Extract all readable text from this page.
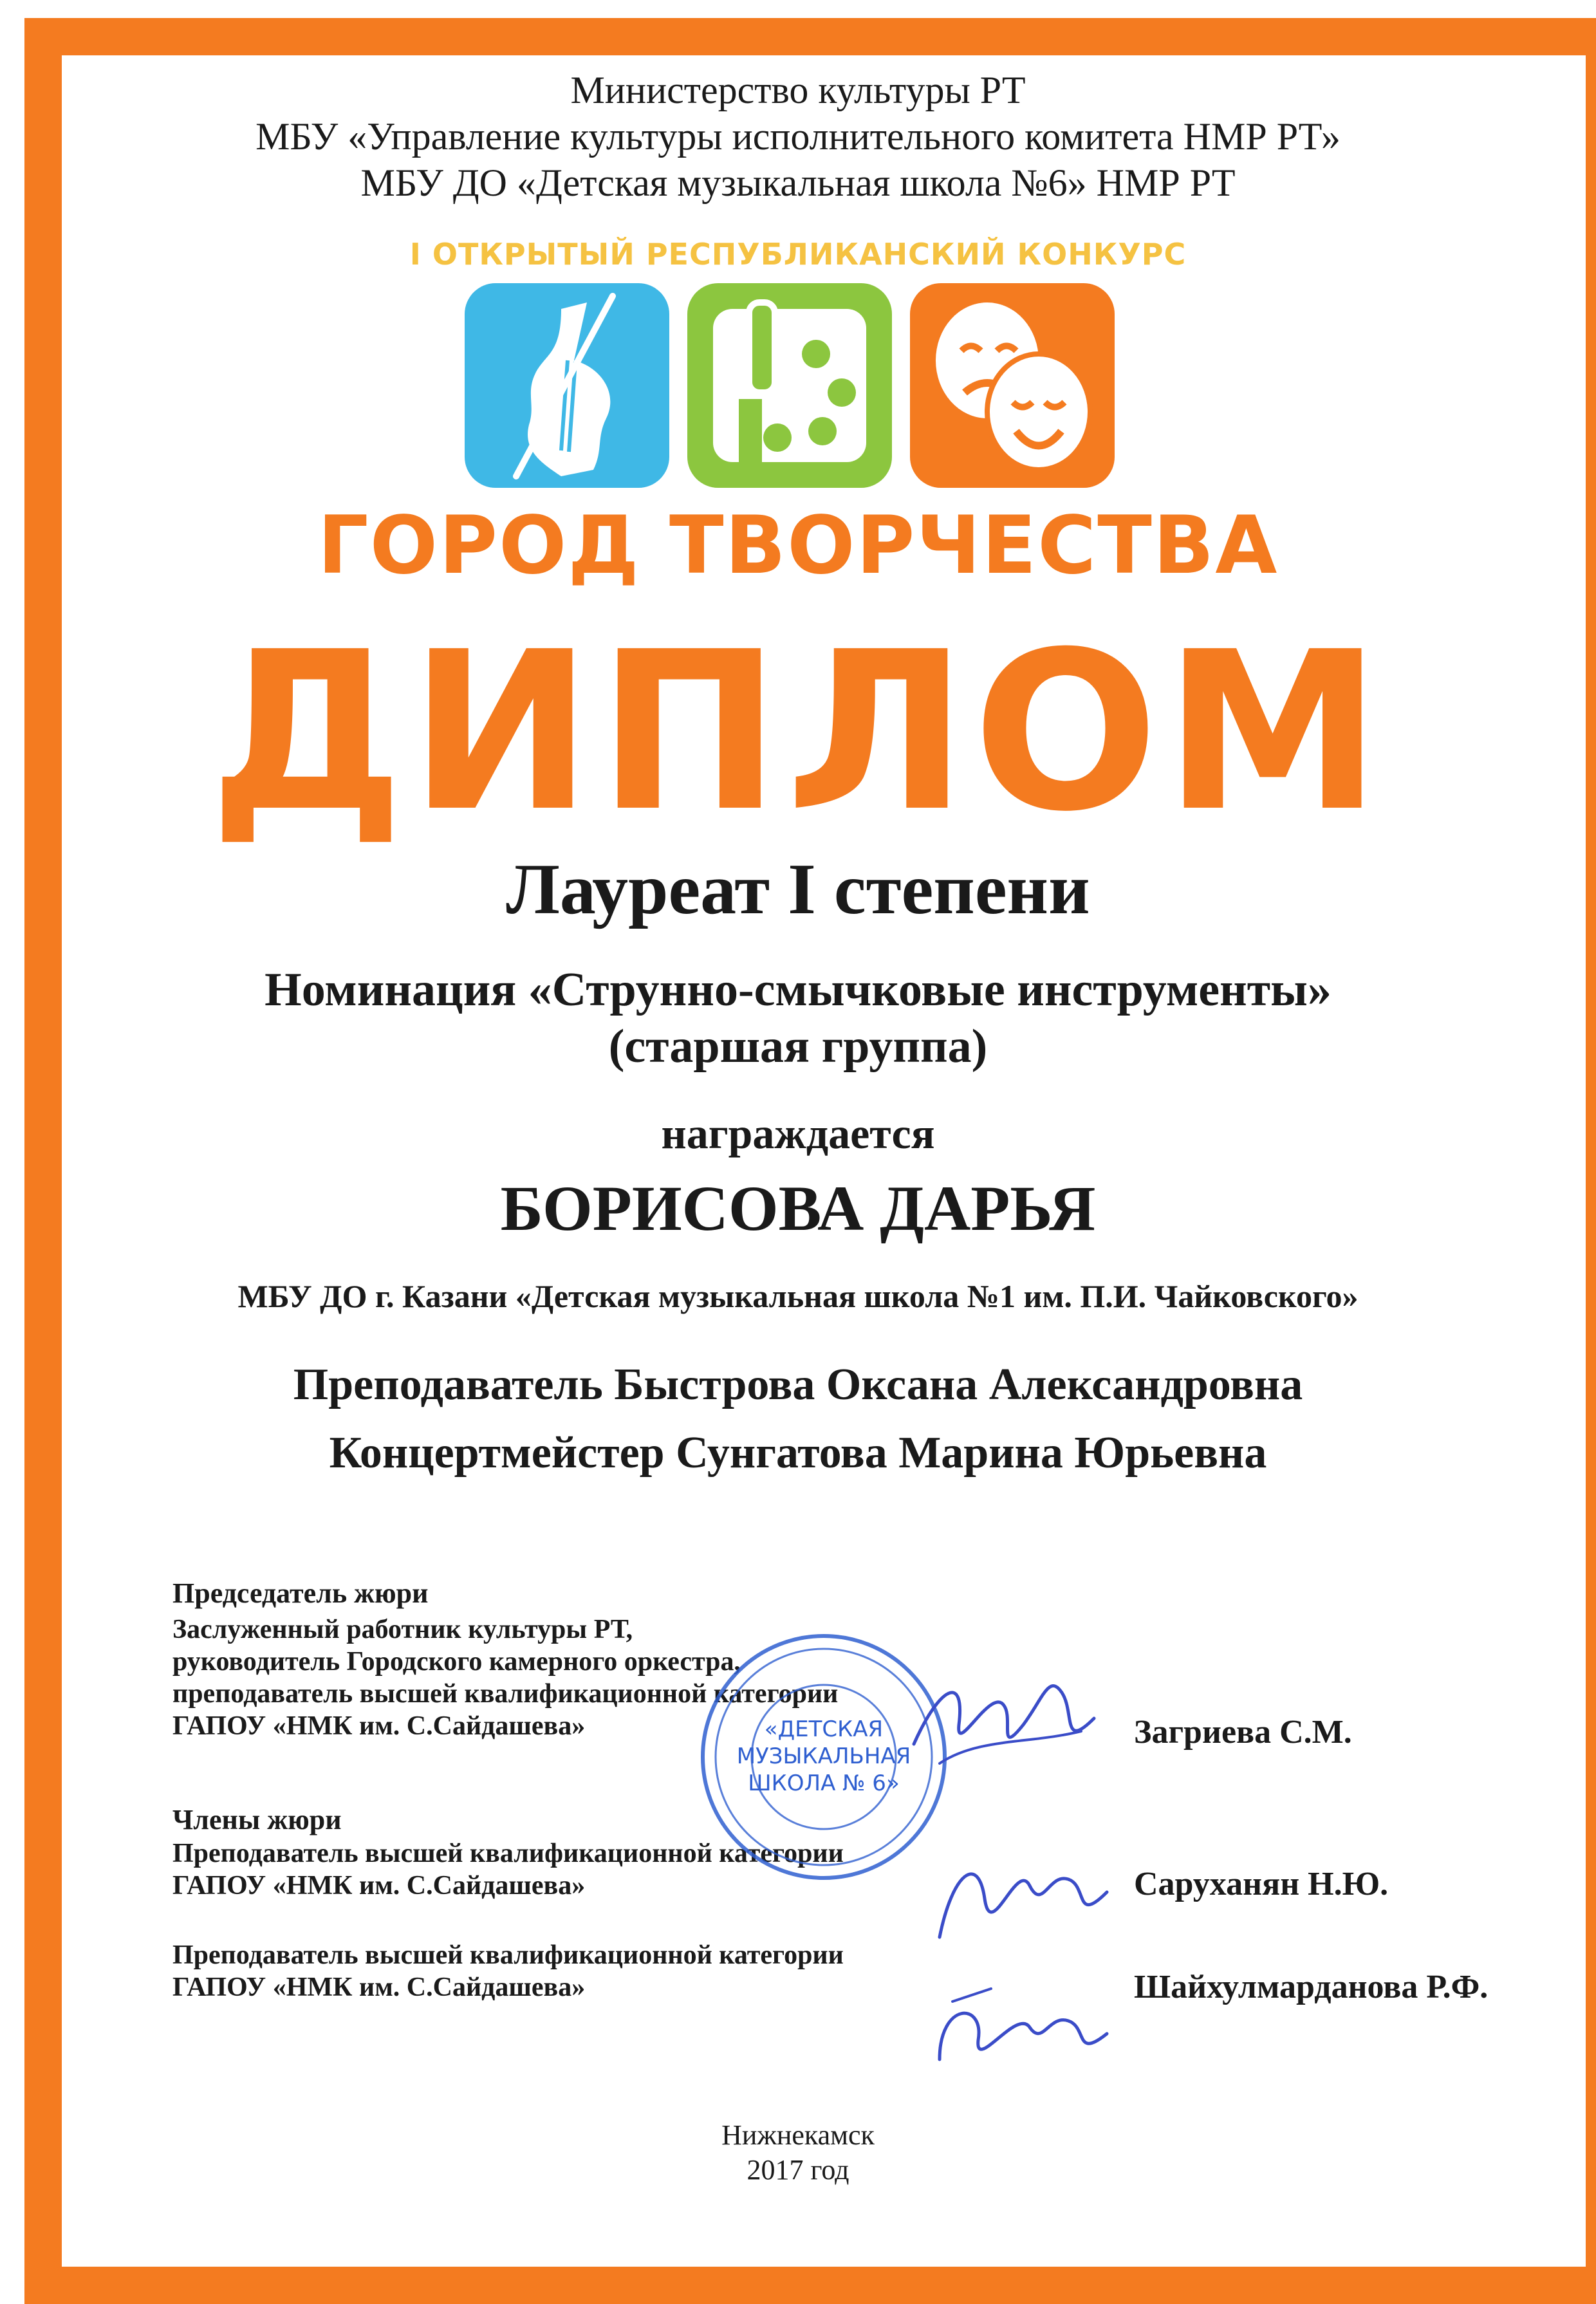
Министерство культуры РТ
МБУ «Управление культуры исполнительного комитета НМР РТ»
МБУ ДО «Детская музыкальная школа №6» НМР РТ
I ОТКРЫТЫЙ РЕСПУБЛИКАНСКИЙ КОНКУРС
ГОРОД ТВОРЧЕСТВА
ДИПЛОМ
Лауреат I степени
Номинация «Струнно-смычковые инструменты»
(старшая группа)
награждается
БОРИСОВА ДАРЬЯ
МБУ ДО г. Казани «Детская музыкальная школа №1 им. П.И. Чайковского»
Преподаватель Быстрова Оксана Александровна
Концертмейстер Сунгатова Марина Юрьевна
Председатель жюри
Заслуженный работник культуры РТ,
руководитель Городского камерного оркестра,
преподаватель высшей квалификационной категории
ГАПОУ «НМК им. С.Сайдашева»	Загриева С.М.
Члены жюри
Преподаватель высшей квалификационной категории
ГАПОУ «НМК им. С.Сайдашева»	Саруханян Н.Ю.
Преподаватель высшей квалификационной категории
ГАПОУ «НМК им. С.Сайдашева»	Шайхулмарданова Р.Ф.
«ДЕТСКАЯ
МУЗЫКАЛЬНАЯ
ШКОЛА № 6»
Нижнекамск
2017 год
